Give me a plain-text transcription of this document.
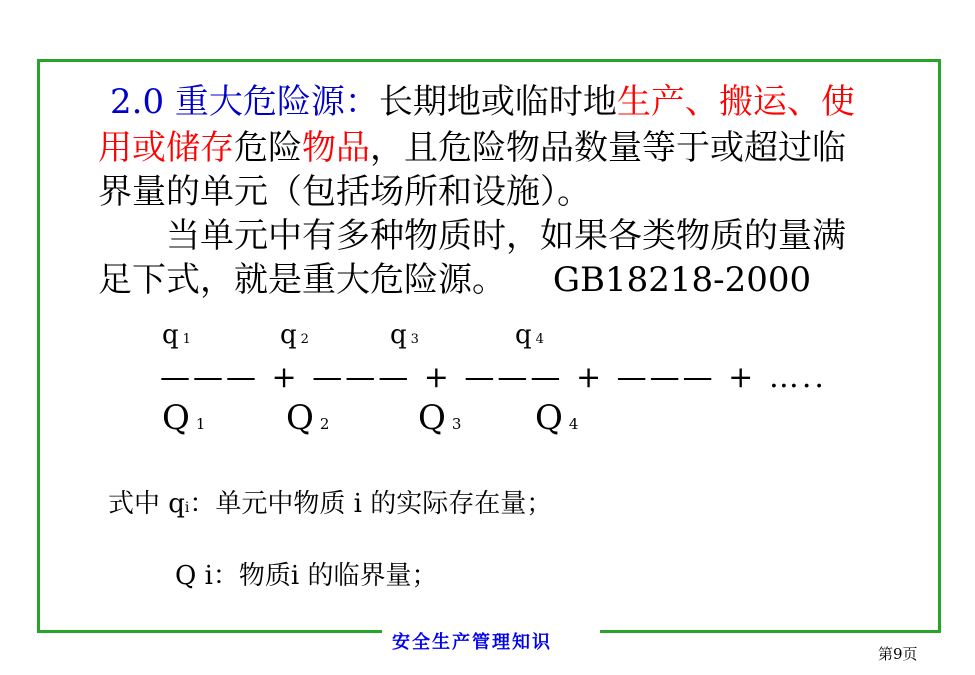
安全生产管理知识
第9页
2.0 重大危险源：长期地或临时地生产、搬运、使
用或储存危险物品，且危险物品数量等于或超过临
界量的单元（包括场所和设施）。
　　当单元中有多种物质时，如果各类物质的量满
足下式，就是重大危险源。 GB18218-2000
q 1	q 2	q 3	q 4
——— + ——— + ——— + ——— + …..
Q 1 Q 2	Q 3 Q 4
式中 qi：单元中物质 i 的实际存在量；
Q i：物质i 的临界量；
